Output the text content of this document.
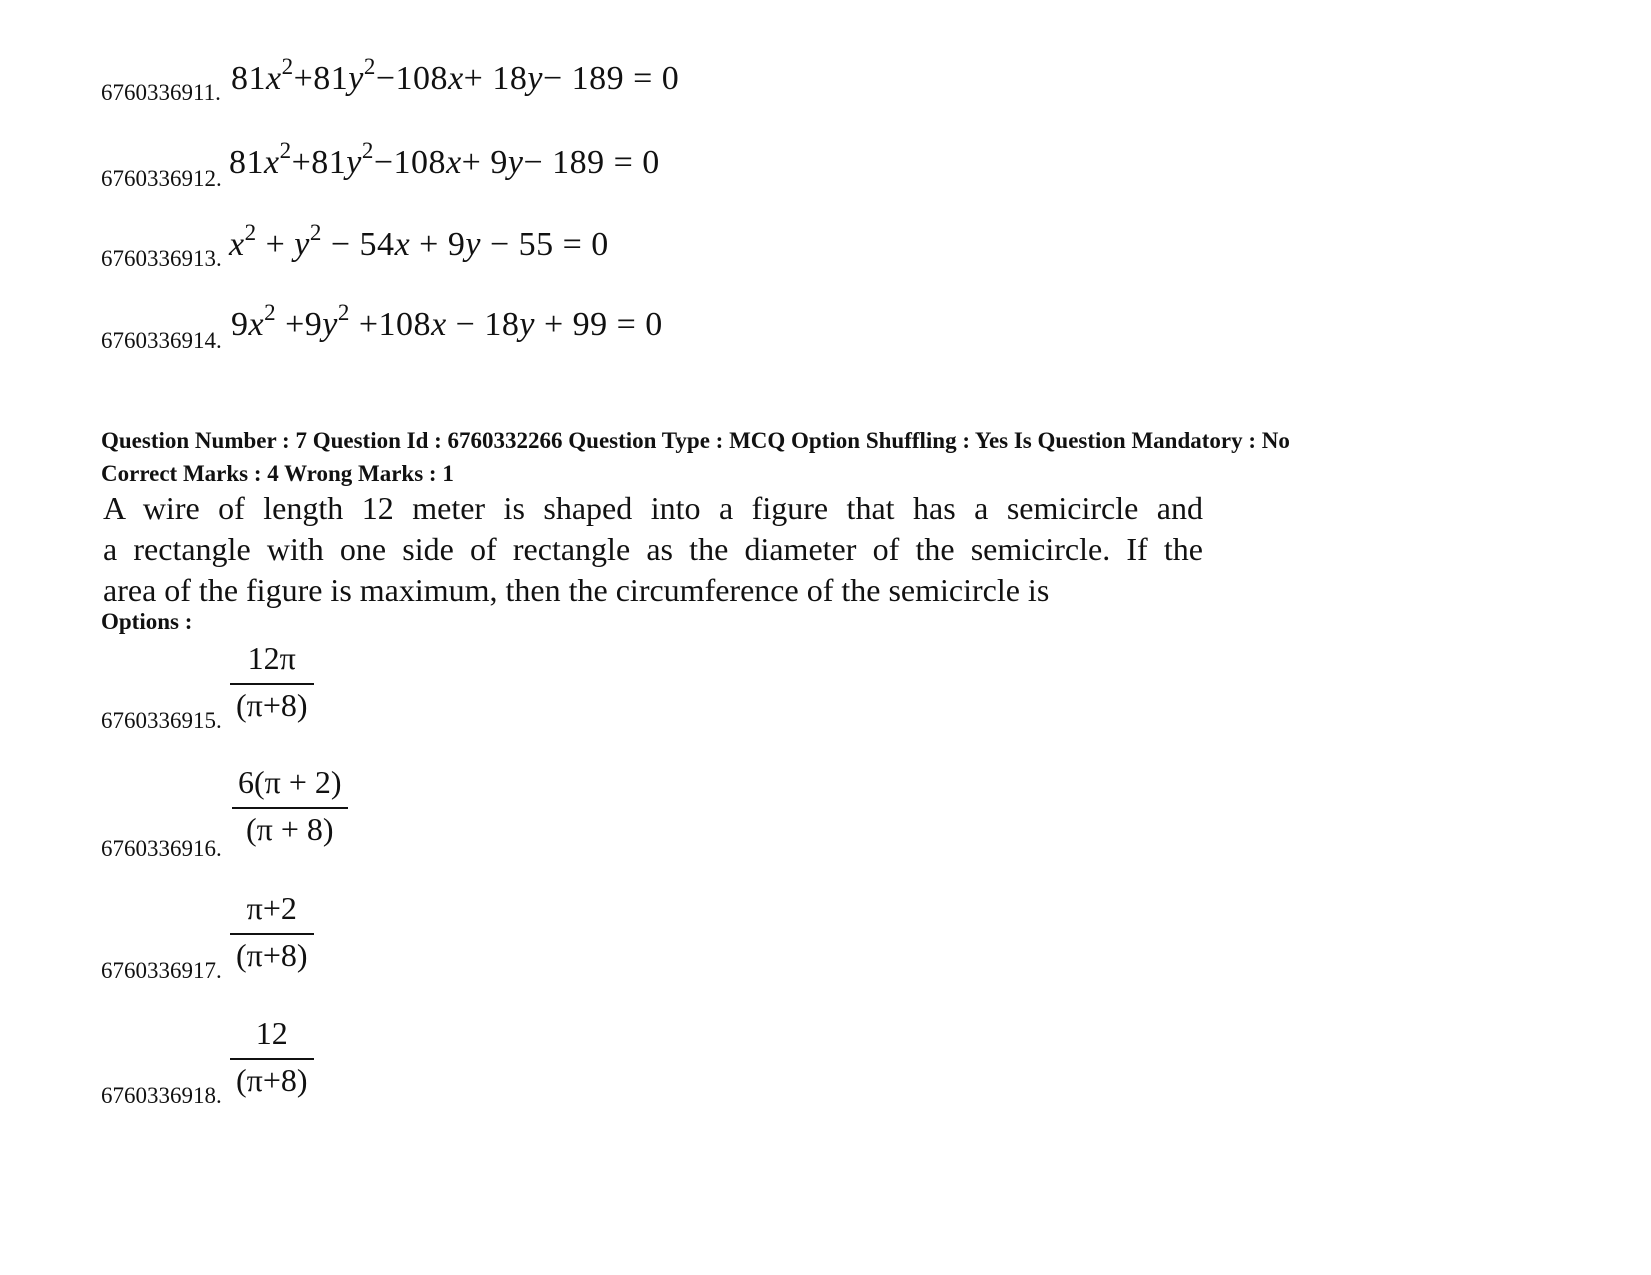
6760336911. $81x^2+81y^2-108x+ 18y- 189 = 0$
6760336912. $81x^2+81y^2-108x+ 9y- 189 = 0$
6760336913. $x^2 + y^2 - 54x + 9y - 55 = 0$
6760336914. $9x^2 +9y^2 +108x - 18y + 99 = 0$
Question Number : 7 Question Id : 6760332266 Question Type : MCQ Option Shuffling : Yes Is Question Mandatory : No
Correct Marks : 4 Wrong Marks : 1
A wire of length 12 meter is shaped into a figure that has a semicircle and
a rectangle with one side of rectangle as the diameter of the semicircle. If the
area of the figure is maximum, then the circumference of the semicircle is
Options :
6760336915.
12π
(π+8)
6760336916.
6(π + 2)
(π + 8)
6760336917.
π+2
(π+8)
6760336918.
12
(π+8)
